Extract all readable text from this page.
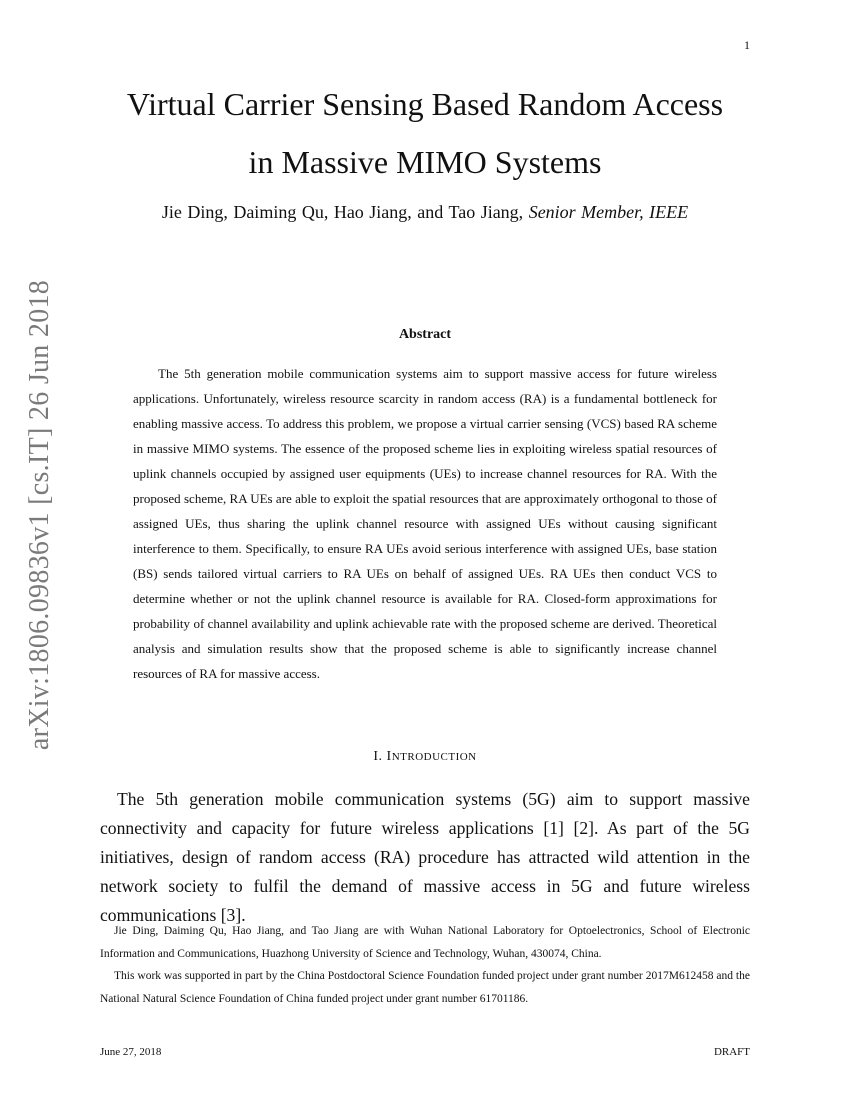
1
Virtual Carrier Sensing Based Random Access
in Massive MIMO Systems
Jie Ding, Daiming Qu, Hao Jiang, and Tao Jiang, Senior Member, IEEE
arXiv:1806.09836v1 [cs.IT] 26 Jun 2018	Abstract

The 5th generation mobile communication systems aim to support massive access for future wireless applications. Unfortunately, wireless resource scarcity in random access (RA) is a fundamental bottleneck for enabling massive access. To address this problem, we propose a virtual carrier sensing (VCS) based RA scheme in massive MIMO systems. The essence of the proposed scheme lies in exploiting wireless spatial resources of uplink channels occupied by assigned user equipments (UEs) to increase channel resources for RA. With the proposed scheme, RA UEs are able to exploit the spatial resources that are approximately orthogonal to those of assigned UEs, thus sharing the uplink channel resource with assigned UEs without causing significant interference to them. Specifically, to ensure RA UEs avoid serious interference with assigned UEs, base station (BS) sends tailored virtual carriers to RA UEs on behalf of assigned UEs. RA UEs then conduct VCS to determine whether or not the uplink channel resource is available for RA. Closed-form approximations for probability of channel availability and uplink achievable rate with the proposed scheme are derived. Theoretical analysis and simulation results show that the proposed scheme is able to significantly increase channel resources of RA for massive access.

I. INTRODUCTION

The 5th generation mobile communication systems (5G) aim to support massive connectivity and capacity for future wireless applications [1] [2]. As part of the 5G initiatives, design of random access (RA) procedure has attracted wild attention in the network society to fulfil the demand of massive access in 5G and future wireless communications [3].

Jie Ding, Daiming Qu, Hao Jiang, and Tao Jiang are with Wuhan National Laboratory for Optoelectronics, School of Electronic Information and Communications, Huazhong University of Science and Technology, Wuhan, 430074, China.

This work was supported in part by the China Postdoctoral Science Foundation funded project under grant number 2017M612458 and the National Natural Science Foundation of China funded project under grant number 61701186.

June 27, 2018	DRAFT
